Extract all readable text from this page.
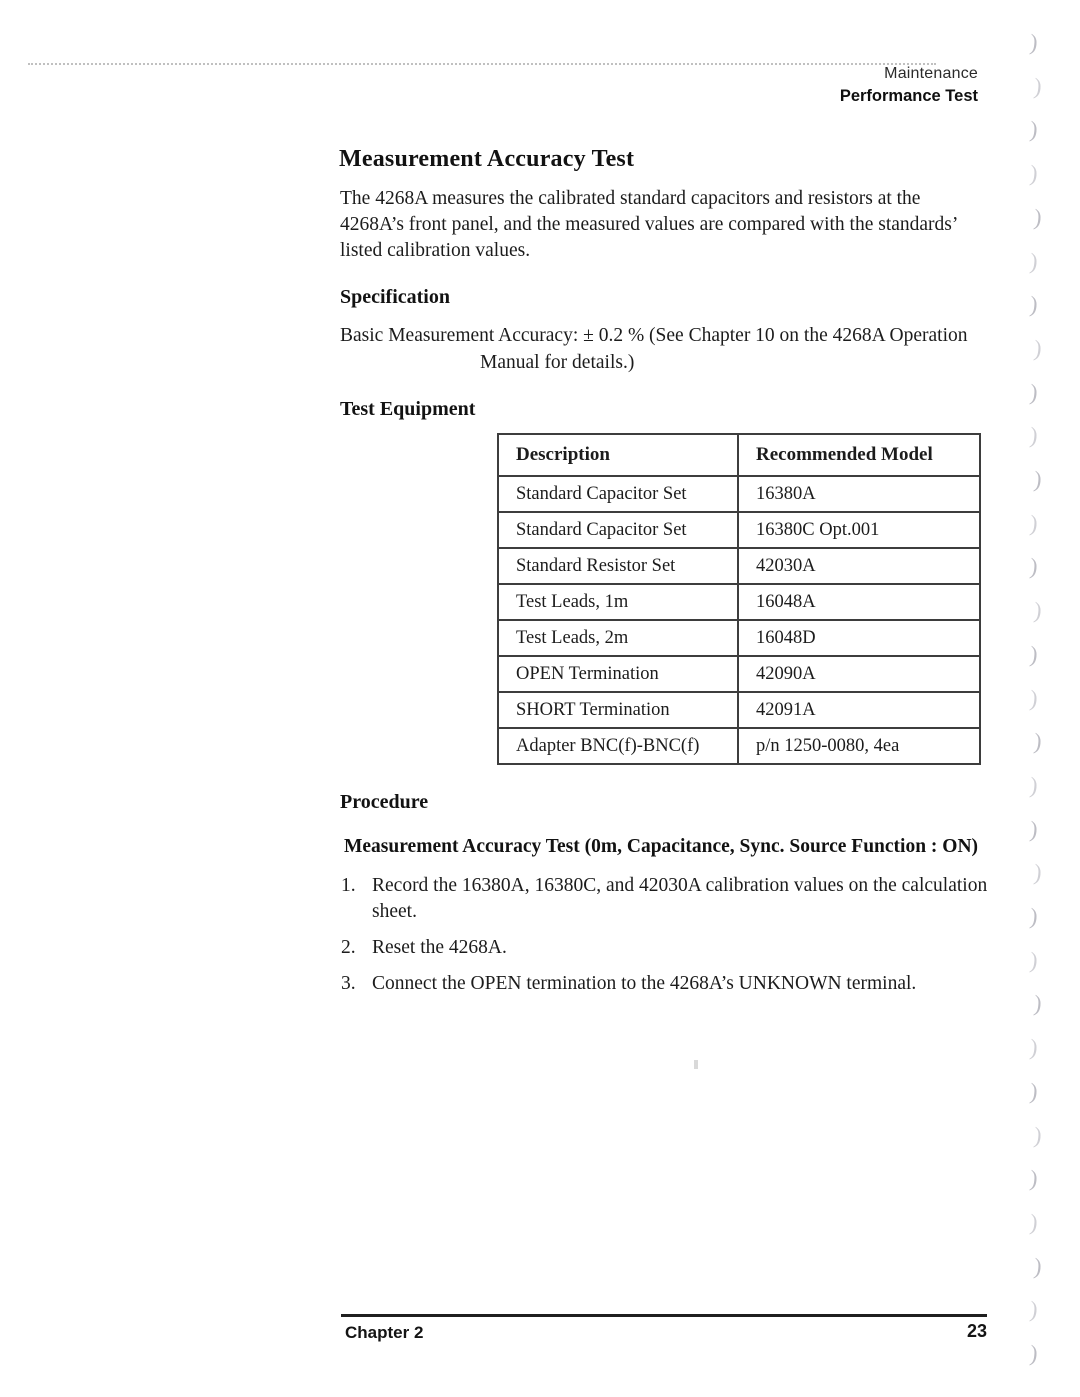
Maintenance
Performance Test
Measurement Accuracy Test

The 4268A measures the calibrated standard capacitors and resistors at the 4268A’s front panel, and the measured values are compared with the standards’ listed calibration values.

Specification
Basic Measurement Accuracy: ± 0.2 % (See Chapter 10 on the 4268A Operation
Manual for details.)
Test Equipment
Description	Recommended Model
Standard Capacitor Set	16380A
Standard Capacitor Set	16380C Opt.001
Standard Resistor Set	42030A
Test Leads, 1m	16048A
Test Leads, 2m	16048D
OPEN Termination	42090A
SHORT Termination	42091A
Adapter BNC(f)-BNC(f)	p/n 1250-0080, 4ea
Procedure
Measurement Accuracy Test (0m, Capacitance, Sync. Source Function : ON)
1. Record the 16380A, 16380C, and 42030A calibration values on the calculation sheet.
2. Reset the 4268A.
3. Connect the OPEN termination to the 4268A’s UNKNOWN terminal.
Chapter 2	23
)
)
)
)
)
)
)
)
)
)
)
)
)
)
)
)
)
)
)
)
)
)
)
)
)
)
)
)
)
)
)
